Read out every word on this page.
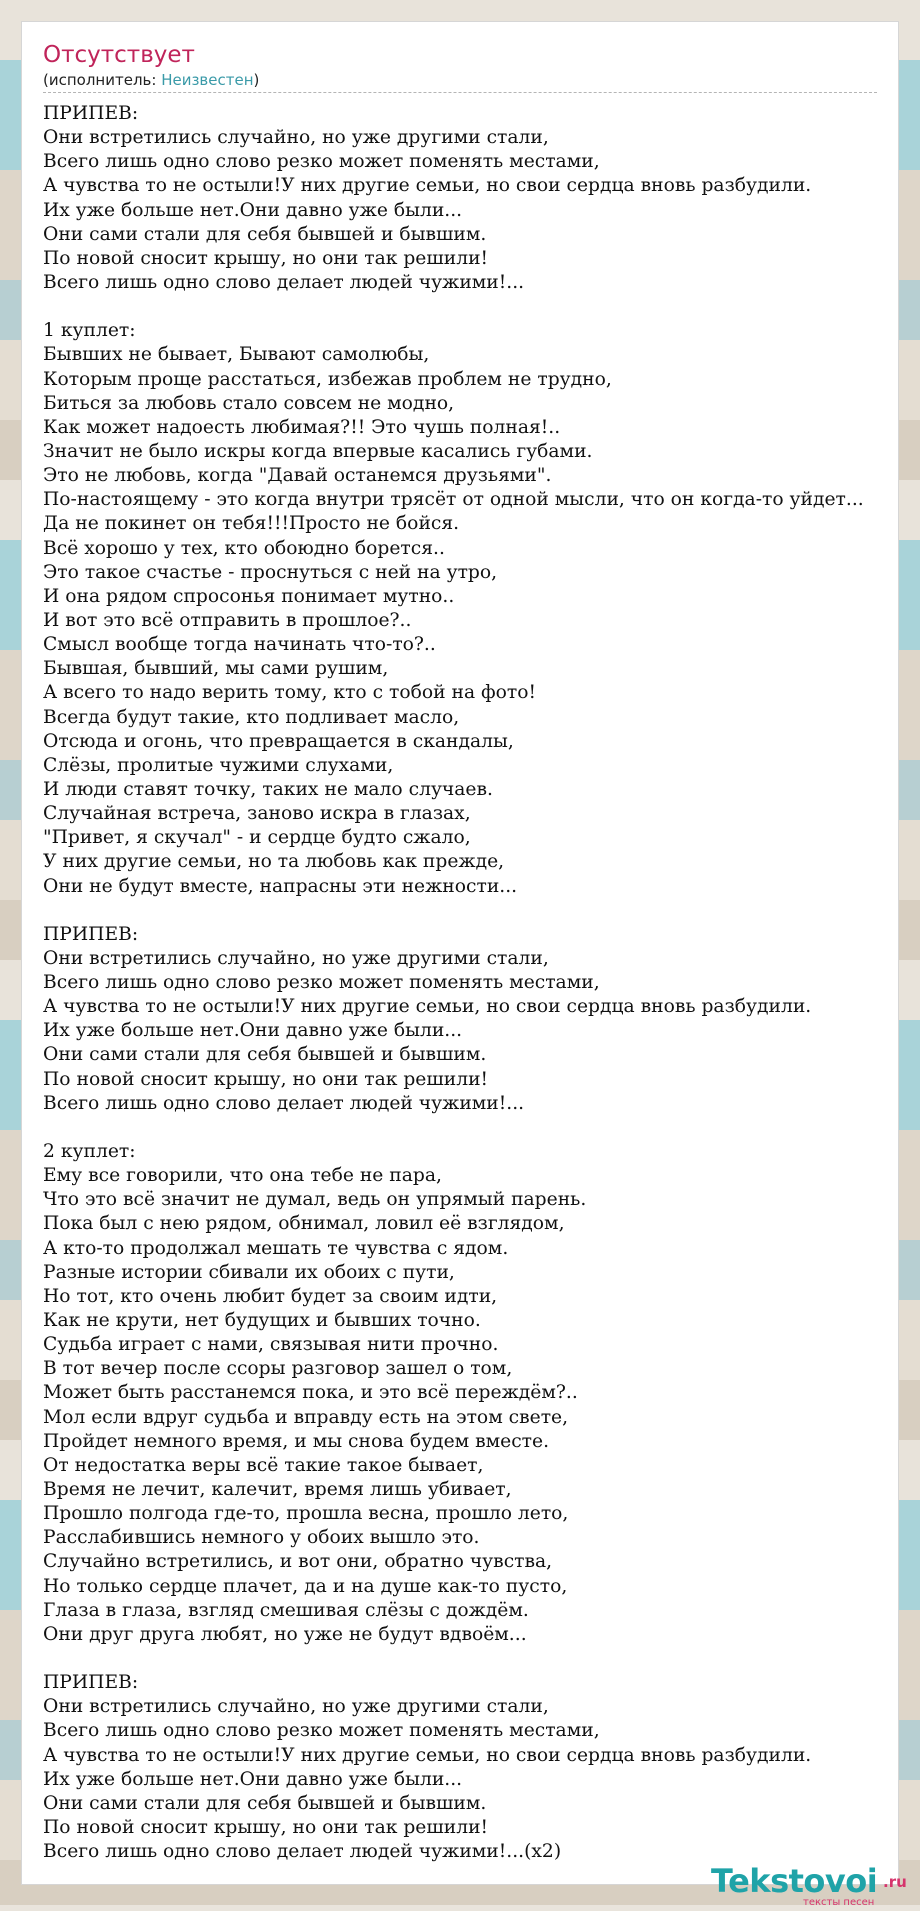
Отсутствует
(исполнитель: Неизвестен)
ПРИПЕВ:
Они встретились случайно, но уже другими стали,
Всего лишь одно слово резко может поменять местами,
А чувства то не остыли!У них другие семьи, но свои сердца вновь разбудили.
Их уже больше нет.Они давно уже были...
Они сами стали для себя бывшей и бывшим.
По новой сносит крышу, но они так решили!
Всего лишь одно слово делает людей чужими!...
1 куплет:
Бывших не бывает, Бывают самолюбы,
Которым проще расстаться, избежав проблем не трудно,
Биться за любовь стало совсем не модно,
Как может надоесть любимая?!! Это чушь полная!..
Значит не было искры когда впервые касались губами.
Это не любовь, когда "Давай останемся друзьями".
По-настоящему - это когда внутри трясёт от одной мысли, что он когда-то уйдет...
Да не покинет он тебя!!!Просто не бойся.
Всё хорошо у тех, кто обоюдно борется..
Это такое счастье - проснуться с ней на утро,
И она рядом спросонья понимает мутно..
И вот это всё отправить в прошлое?..
Смысл вообще тогда начинать что-то?..
Бывшая, бывший, мы сами рушим,
А всего то надо верить тому, кто с тобой на фото!
Всегда будут такие, кто подливает масло,
Отсюда и огонь, что превращается в скандалы,
Слёзы, пролитые чужими слухами,
И люди ставят точку, таких не мало случаев.
Случайная встреча, заново искра в глазах,
"Привет, я скучал" - и сердце будто сжало,
У них другие семьи, но та любовь как прежде,
Они не будут вместе, напрасны эти нежности...
ПРИПЕВ:
Они встретились случайно, но уже другими стали,
Всего лишь одно слово резко может поменять местами,
А чувства то не остыли!У них другие семьи, но свои сердца вновь разбудили.
Их уже больше нет.Они давно уже были...
Они сами стали для себя бывшей и бывшим.
По новой сносит крышу, но они так решили!
Всего лишь одно слово делает людей чужими!...
2 куплет:
Ему все говорили, что она тебе не пара,
Что это всё значит не думал, ведь он упрямый парень.
Пока был с нею рядом, обнимал, ловил её взглядом,
А кто-то продолжал мешать те чувства с ядом.
Разные истории сбивали их обоих с пути,
Но тот, кто очень любит будет за своим идти,
Как не крути, нет будущих и бывших точно.
Судьба играет с нами, связывая нити прочно.
В тот вечер после ссоры разговор зашел о том,
Может быть расстанемся пока, и это всё переждём?..
Мол если вдруг судьба и вправду есть на этом свете,
Пройдет немного время, и мы снова будем вместе.
От недостатка веры всё такие такое бывает,
Время не лечит, калечит, время лишь убивает,
Прошло полгода где-то, прошла весна, прошло лето,
Расслабившись немного у обоих вышло это.
Случайно встретились, и вот они, обратно чувства,
Но только сердце плачет, да и на душе как-то пусто,
Глаза в глаза, взгляд смешивая слёзы с дождём.
Они друг друга любят, но уже не будут вдвоём...
ПРИПЕВ:
Они встретились случайно, но уже другими стали,
Всего лишь одно слово резко может поменять местами,
А чувства то не остыли!У них другие семьи, но свои сердца вновь разбудили.
Их уже больше нет.Они давно уже были...
Они сами стали для себя бывшей и бывшим.
По новой сносит крышу, но они так решили!
Всего лишь одно слово делает людей чужими!...(x2)
Tekstovoi .ru
тексты песен
